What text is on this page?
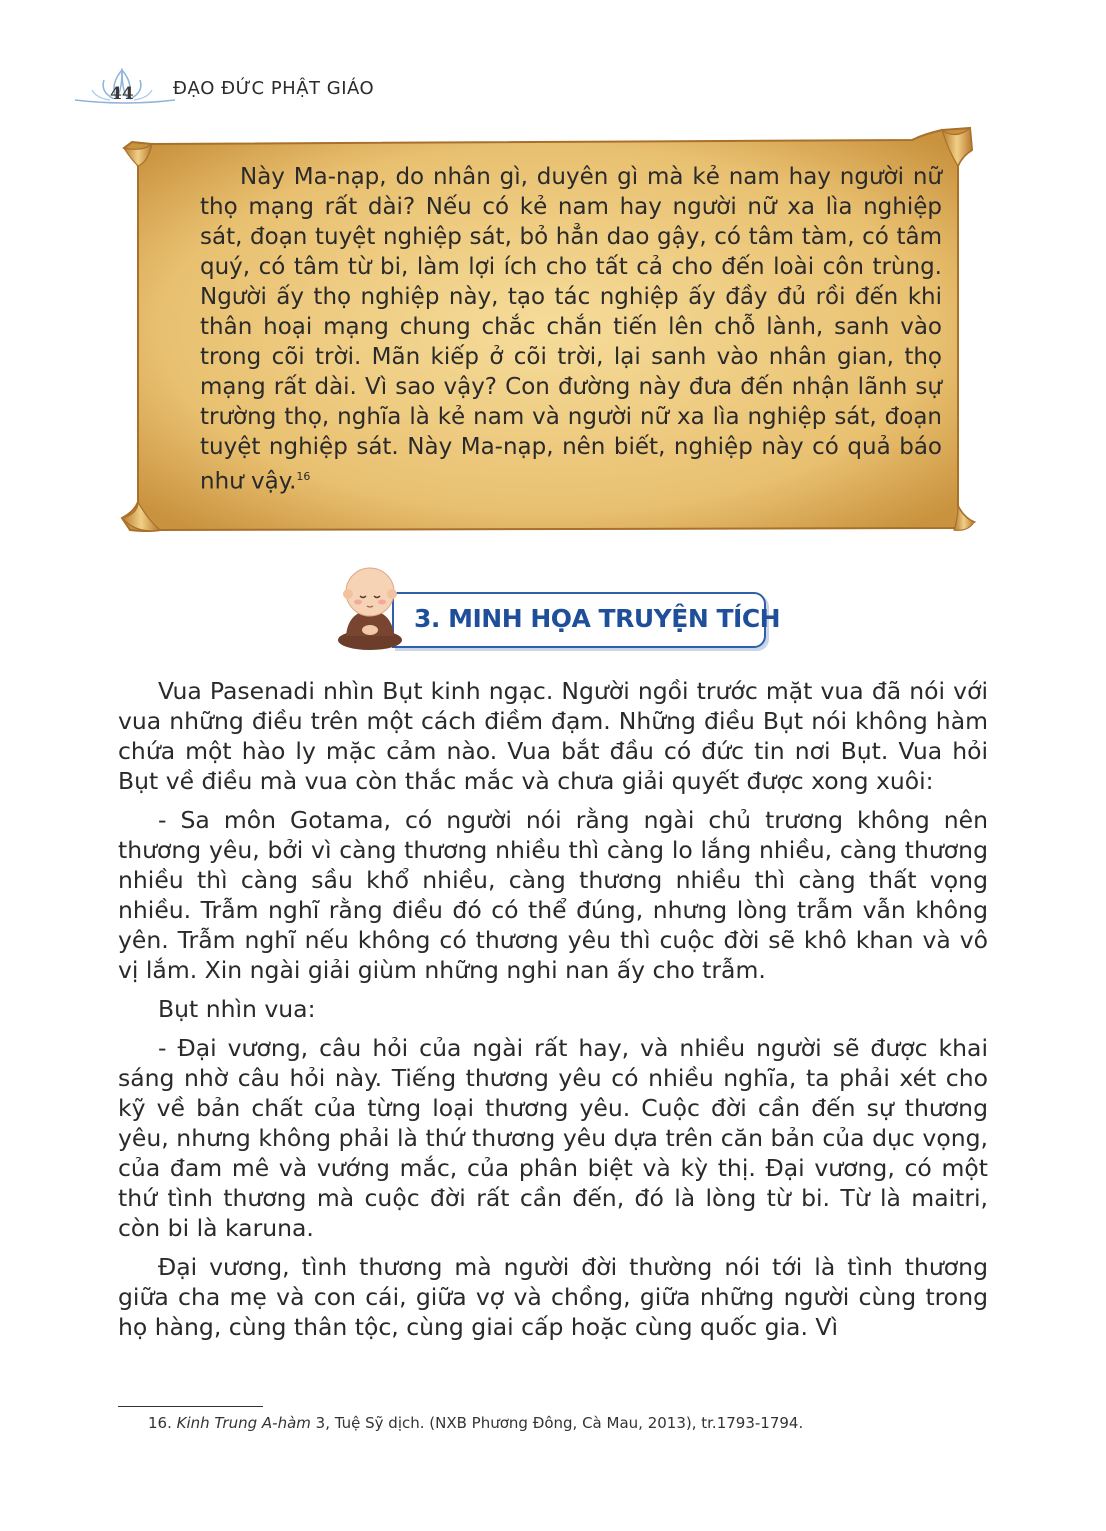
44 ĐẠO ĐỨC PHẬT GIÁO
Này Ma-nạp, do nhân gì, duyên gì mà kẻ nam hay người nữ thọ mạng rất dài? Nếu có kẻ nam hay người nữ xa lìa nghiệp sát, đoạn tuyệt nghiệp sát, bỏ hẳn dao gậy, có tâm tàm, có tâm quý, có tâm từ bi, làm lợi ích cho tất cả cho đến loài côn trùng. Người ấy thọ nghiệp này, tạo tác nghiệp ấy đầy đủ rồi đến khi thân hoại mạng chung chắc chắn tiến lên chỗ lành, sanh vào trong cõi trời. Mãn kiếp ở cõi trời, lại sanh vào nhân gian, thọ mạng rất dài. Vì sao vậy? Con đường này đưa đến nhận lãnh sự trường thọ, nghĩa là kẻ nam và người nữ xa lìa nghiệp sát, đoạn tuyệt nghiệp sát. Này Ma-nạp, nên biết, nghiệp này có quả báo như vậy.$^{16}$
3. MINH HỌA TRUYỆN TÍCH

Vua Pasenadi nhìn Bụt kinh ngạc. Người ngồi trước mặt vua đã nói với vua những điều trên một cách điềm đạm. Những điều Bụt nói không hàm chứa một hào ly mặc cảm nào. Vua bắt đầu có đức tin nơi Bụt. Vua hỏi Bụt về điều mà vua còn thắc mắc và chưa giải quyết được xong xuôi:

- Sa môn Gotama, có người nói rằng ngài chủ trương không nên thương yêu, bởi vì càng thương nhiều thì càng lo lắng nhiều, càng thương nhiều thì càng sầu khổ nhiều, càng thương nhiều thì càng thất vọng nhiều. Trẫm nghĩ rằng điều đó có thể đúng, nhưng lòng trẫm vẫn không yên. Trẫm nghĩ nếu không có thương yêu thì cuộc đời sẽ khô khan và vô vị lắm. Xin ngài giải giùm những nghi nan ấy cho trẫm.

Bụt nhìn vua:

- Đại vương, câu hỏi của ngài rất hay, và nhiều người sẽ được khai sáng nhờ câu hỏi này. Tiếng thương yêu có nhiều nghĩa, ta phải xét cho kỹ về bản chất của từng loại thương yêu. Cuộc đời cần đến sự thương yêu, nhưng không phải là thứ thương yêu dựa trên căn bản của dục vọng, của đam mê và vướng mắc, của phân biệt và kỳ thị. Đại vương, có một thứ tình thương mà cuộc đời rất cần đến, đó là lòng từ bi. Từ là maitri, còn bi là karuna.

Đại vương, tình thương mà người đời thường nói tới là tình thương giữa cha mẹ và con cái, giữa vợ và chồng, giữa những người cùng trong họ hàng, cùng thân tộc, cùng giai cấp hoặc cùng quốc gia. Vì

16. Kinh Trung A-hàm 3, Tuệ Sỹ dịch. (NXB Phương Đông, Cà Mau, 2013), tr.1793-1794.
